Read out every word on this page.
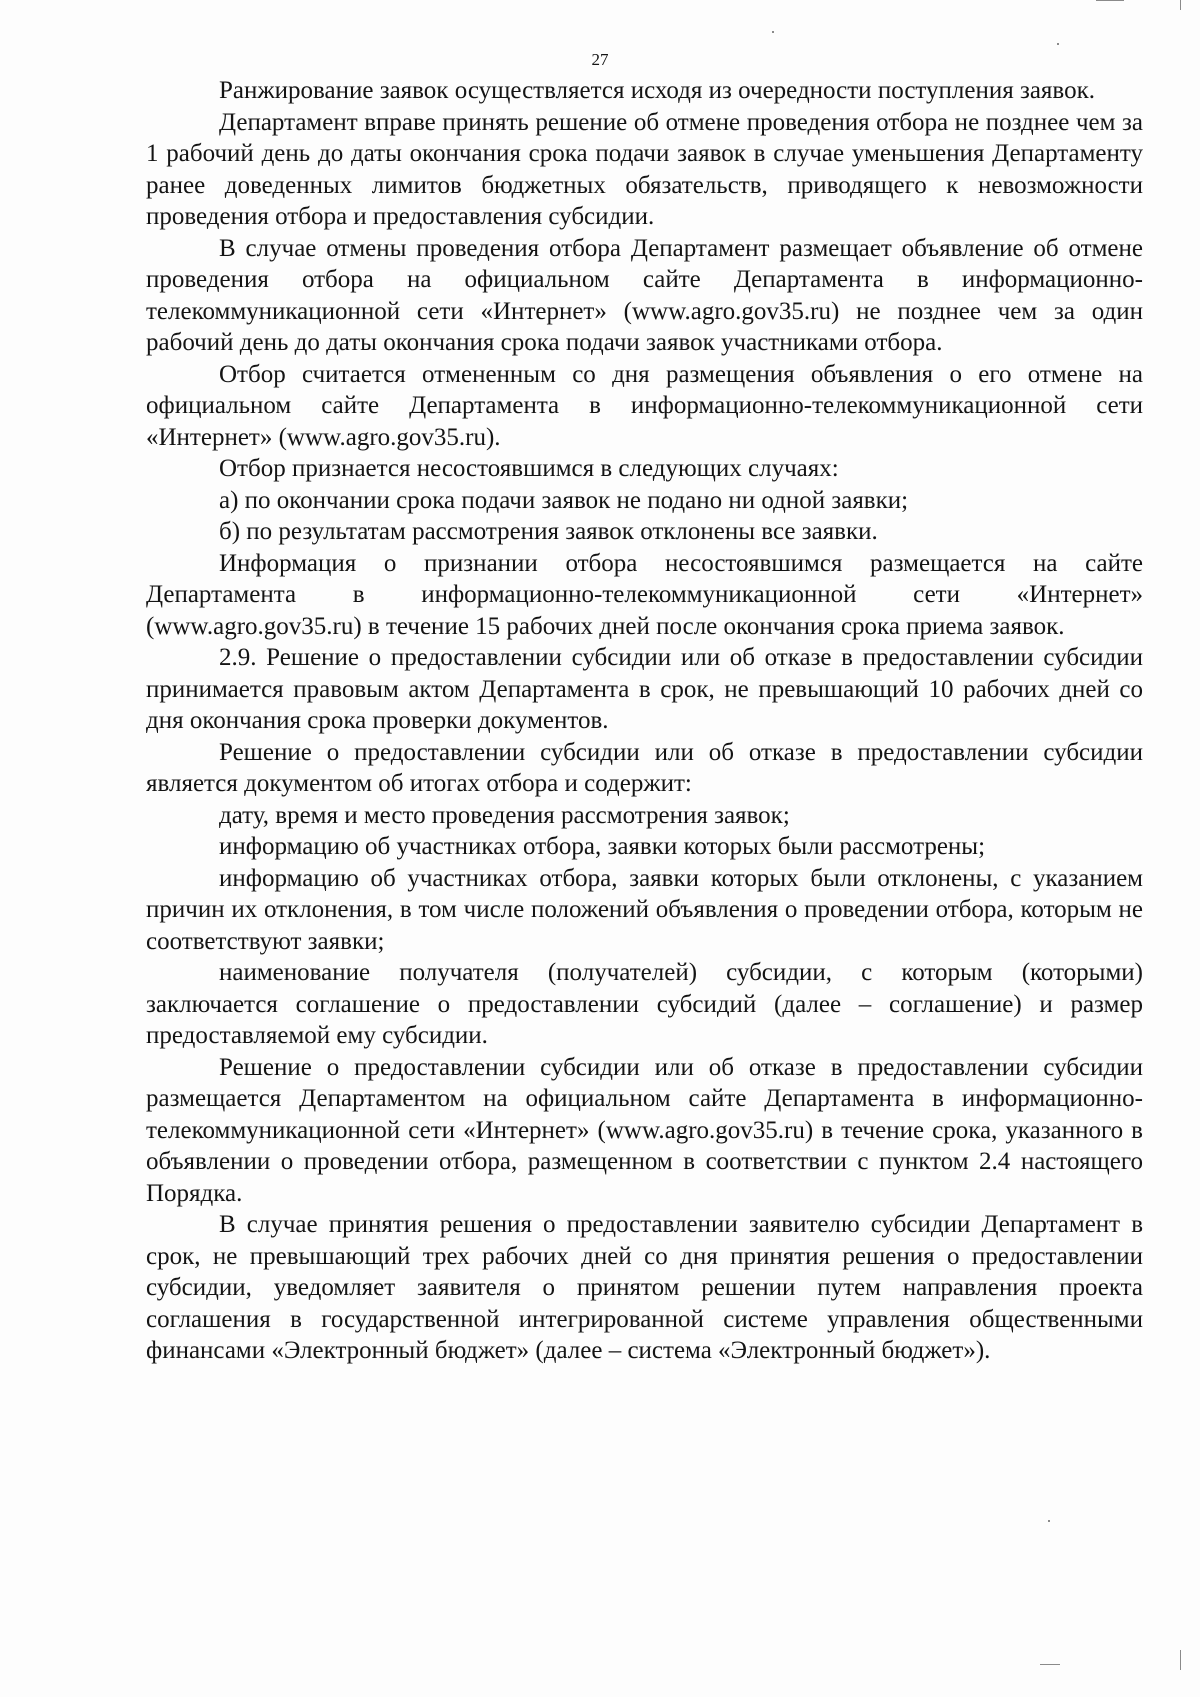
27

Ранжирование заявок осуществляется исходя из очередности поступления заявок.

Департамент вправе принять решение об отмене проведения отбора не позднее чем за 1 рабочий день до даты окончания срока подачи заявок в случае уменьшения Департаменту ранее доведенных лимитов бюджетных обязательств, приводящего к невозможности проведения отбора и предоставления субсидии.

В случае отмены проведения отбора Департамент размещает объявление об отмене проведения отбора на официальном сайте Департамента в информационно-телекоммуникационной сети «Интернет» (www.agro.gov35.ru) не позднее чем за один рабочий день до даты окончания срока подачи заявок участниками отбора.

Отбор считается отмененным со дня размещения объявления о его отмене на официальном сайте Департамента в информационно-телекоммуникационной сети «Интернет» (www.agro.gov35.ru).

Отбор признается несостоявшимся в следующих случаях:

а) по окончании срока подачи заявок не подано ни одной заявки;

б) по результатам рассмотрения заявок отклонены все заявки.

Информация о признании отбора несостоявшимся размещается на сайте Департамента в информационно-телекоммуникационной сети «Интернет» (www.agro.gov35.ru) в течение 15 рабочих дней после окончания срока приема заявок.

2.9. Решение о предоставлении субсидии или об отказе в предоставлении субсидии принимается правовым актом Департамента в срок, не превышающий 10 рабочих дней со дня окончания срока проверки документов.

Решение о предоставлении субсидии или об отказе в предоставлении субсидии является документом об итогах отбора и содержит:

дату, время и место проведения рассмотрения заявок;

информацию об участниках отбора, заявки которых были рассмотрены;

информацию об участниках отбора, заявки которых были отклонены, с указанием причин их отклонения, в том числе положений объявления о проведении отбора, которым не соответствуют заявки;

наименование получателя (получателей) субсидии, с которым (которыми) заключается соглашение о предоставлении субсидий (далее – соглашение) и размер предоставляемой ему субсидии.

Решение о предоставлении субсидии или об отказе в предоставлении субсидии размещается Департаментом на официальном сайте Департамента в информационно-телекоммуникационной сети «Интернет» (www.agro.gov35.ru) в течение срока, указанного в объявлении о проведении отбора, размещенном в соответствии с пунктом 2.4 настоящего Порядка.

В случае принятия решения о предоставлении заявителю субсидии Департамент в срок, не превышающий трех рабочих дней со дня принятия решения о предоставлении субсидии, уведомляет заявителя о принятом решении путем направления проекта соглашения в государственной интегрированной системе управления общественными финансами «Электронный бюджет» (далее – система «Электронный бюджет»).
